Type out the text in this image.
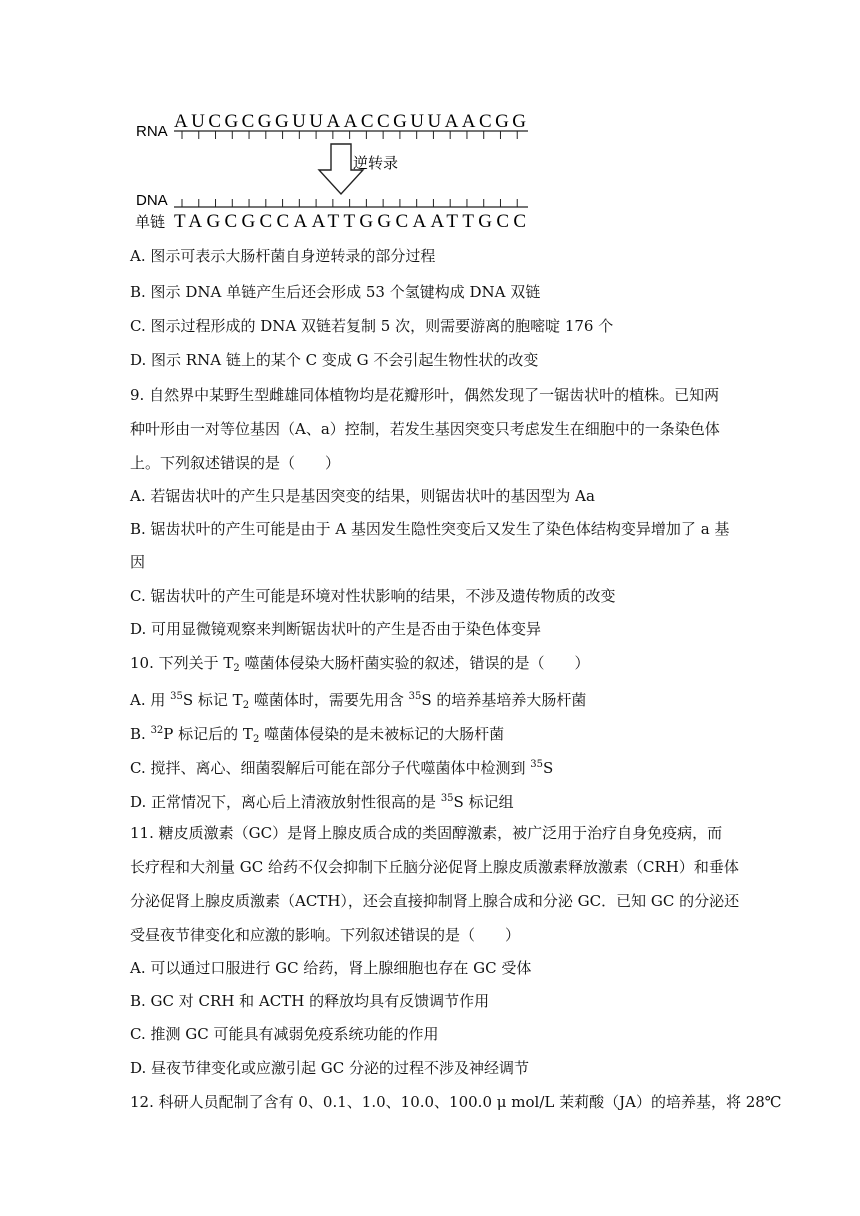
RNA AUCGCGGUUAACCGUUAACGG
逆转录
DNA
单链 TAGCGCCAATTGGCAATTGCC
A. 图示可表示大肠杆菌自身逆转录的部分过程
B. 图示 DNA 单链产生后还会形成 53 个氢键构成 DNA 双链
C. 图示过程形成的 DNA 双链若复制 5 次，则需要游离的胞嘧啶 176 个
D. 图示 RNA 链上的某个 C 变成 G 不会引起生物性状的改变
9. 自然界中某野生型雌雄同体植物均是花瓣形叶，偶然发现了一锯齿状叶的植株。已知两
种叶形由一对等位基因（A、a）控制，若发生基因突变只考虑发生在细胞中的一条染色体
上。下列叙述错误的是（　　）
A. 若锯齿状叶的产生只是基因突变的结果，则锯齿状叶的基因型为 Aa
B. 锯齿状叶的产生可能是由于 A 基因发生隐性突变后又发生了染色体结构变异增加了 a 基
因
C. 锯齿状叶的产生可能是环境对性状影响的结果，不涉及遗传物质的改变
D. 可用显微镜观察来判断锯齿状叶的产生是否由于染色体变异
10. 下列关于 $T_2$ 噬菌体侵染大肠杆菌实验的叙述，错误的是（　　）
A. 用 $^{35}$S 标记 $T_2$ 噬菌体时，需要先用含 $^{35}$S 的培养基培养大肠杆菌
B. $^{32}$P 标记后的 $T_2$ 噬菌体侵染的是未被标记的大肠杆菌
C. 搅拌、离心、细菌裂解后可能在部分子代噬菌体中检测到 $^{35}$S
D. 正常情况下，离心后上清液放射性很高的是 $^{35}$S 标记组
11. 糖皮质激素（GC）是肾上腺皮质合成的类固醇激素，被广泛用于治疗自身免疫病，而
长疗程和大剂量 GC 给药不仅会抑制下丘脑分泌促肾上腺皮质激素释放激素（CRH）和垂体
分泌促肾上腺皮质激素（ACTH），还会直接抑制肾上腺合成和分泌 GC．已知 GC 的分泌还
受昼夜节律变化和应激的影响。下列叙述错误的是（　　）
A. 可以通过口服进行 GC 给药，肾上腺细胞也存在 GC 受体
B. GC 对 CRH 和 ACTH 的释放均具有反馈调节作用
C. 推测 GC 可能具有减弱免疫系统功能的作用
D. 昼夜节律变化或应激引起 GC 分泌的过程不涉及神经调节
12. 科研人员配制了含有 0、0.1、1.0、10.0、100.0 μ mol/L 茉莉酸（JA）的培养基，将 28℃
